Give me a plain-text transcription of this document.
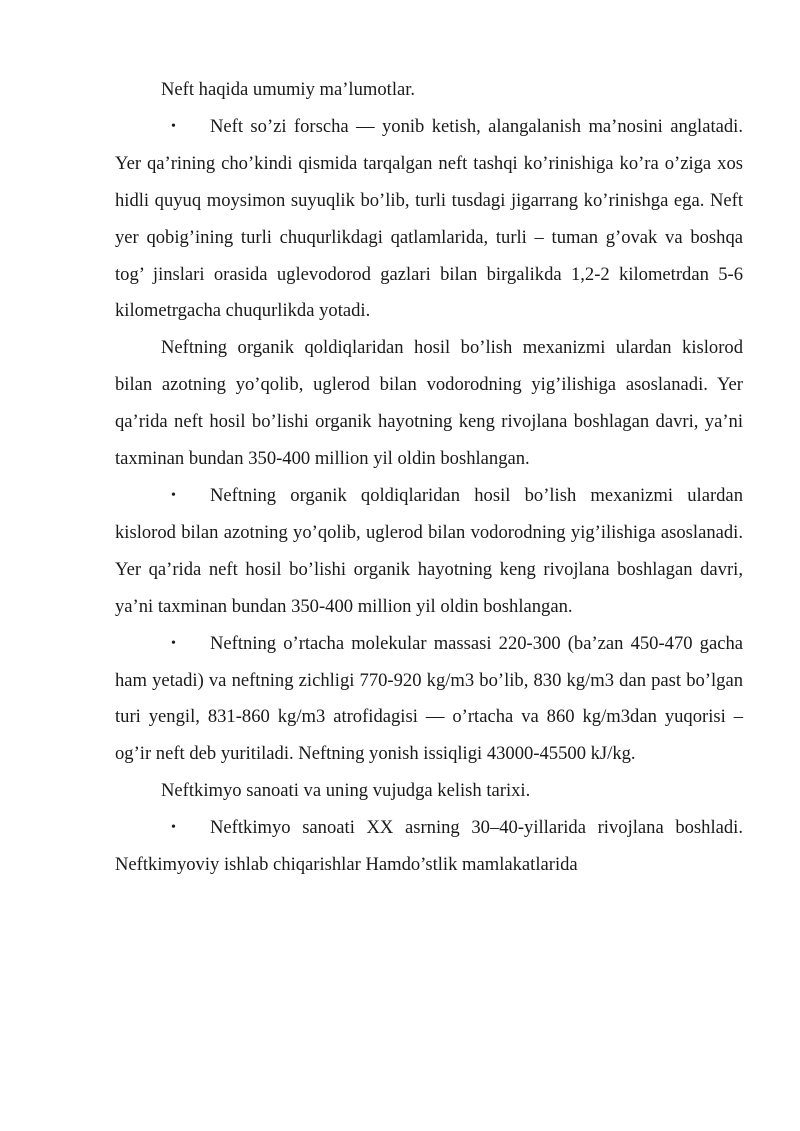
Neft haqida umumiy ma’lumotlar.

• Neft so’zi forscha — yonib ketish, alangalanish ma’nosini anglatadi. Yer qa’rining cho’kindi qismida tarqalgan neft tashqi ko’rinishiga ko’ra o’ziga xos hidli quyuq moysimon suyuqlik bo’lib, turli tusdagi jigarrang ko’rinishga ega. Neft yer qobig’ining turli chuqurlikdagi qatlamlarida, turli – tuman g’ovak va boshqa tog’ jinslari orasida uglevodorod gazlari bilan birgalikda 1,2-2 kilometrdan 5-6 kilometrgacha chuqurlikda yotadi.

Neftning organik qoldiqlaridan hosil bo’lish mexanizmi ulardan kislorod bilan azotning yo’qolib, uglerod bilan vodorodning yig’ilishiga asoslanadi. Yer qa’rida neft hosil bo’lishi organik hayotning keng rivojlana boshlagan davri, ya’ni taxminan bundan 350-400 million yil oldin boshlangan.

• Neftning organik qoldiqlaridan hosil bo’lish mexanizmi ulardan kislorod bilan azotning yo’qolib, uglerod bilan vodorodning yig’ilishiga asoslanadi. Yer qa’rida neft hosil bo’lishi organik hayotning keng rivojlana boshlagan davri, ya’ni taxminan bundan 350-400 million yil oldin boshlangan.

• Neftning o’rtacha molekular massasi 220-300 (ba’zan 450-470 gacha ham yetadi) va neftning zichligi 770-920 kg/m3 bo’lib, 830 kg/m3 dan past bo’lgan turi yengil, 831-860 kg/m3 atrofidagisi — o’rtacha va 860 kg/m3dan yuqorisi – og’ir neft deb yuritiladi. Neftning yonish issiqligi 43000-45500 kJ/kg.

Neftkimyo sanoati va uning vujudga kelish tarixi.

• Neftkimyo sanoati XX asrning 30–40-yillarida rivojlana boshladi. Neftkimyoviy ishlab chiqarishlar Hamdo’stlik mamlakatlarida
